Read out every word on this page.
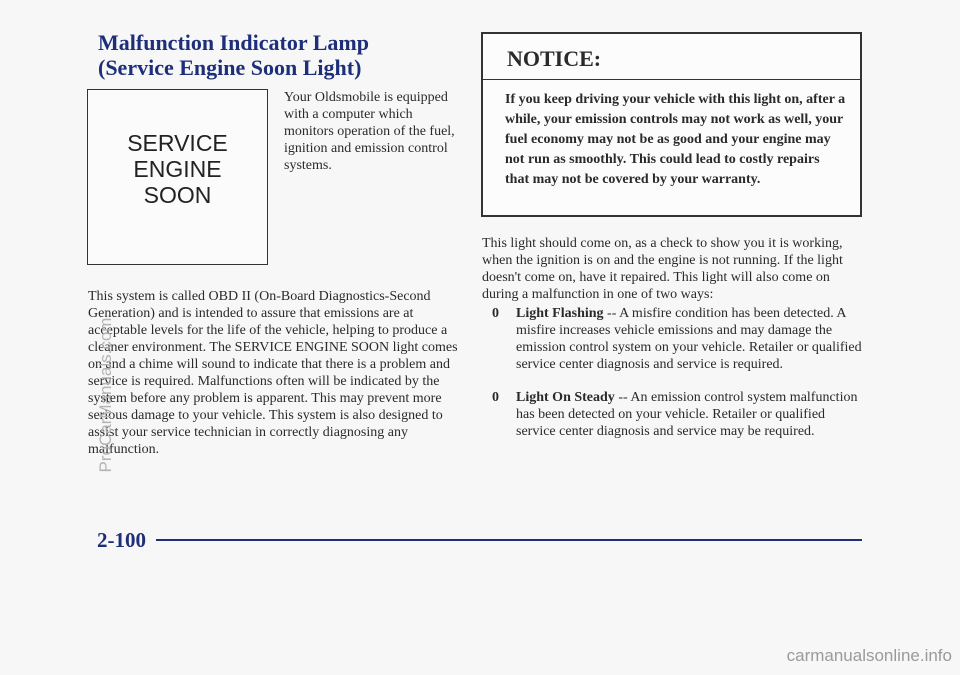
Malfunction Indicator Lamp
(Service Engine Soon Light)
SERVICE
ENGINE
SOON

Your Oldsmobile is equipped with a computer which monitors operation of the fuel, ignition and emission control systems.

This system is called OBD II (On-Board Diagnostics-Second Generation) and is intended to assure that emissions are at acceptable levels for the life of the vehicle, helping to produce a cleaner environment. The SERVICE ENGINE SOON light comes on and a chime will sound to indicate that there is a problem and service is required. Malfunctions often will be indicated by the system before any problem is apparent. This may prevent more serious damage to your vehicle. This system is also designed to assist your service technician in correctly diagnosing any malfunction.

NOTICE:

If you keep driving your vehicle with this light on, after a while, your emission controls may not work as well, your fuel economy may not be as good and your engine may not run as smoothly. This could lead to costly repairs that may not be covered by your warranty.

This light should come on, as a check to show you it is working, when the ignition is on and the engine is not running. If the light doesn't come on, have it repaired. This light will also come on during a malfunction in one of two ways:

0 Light Flashing -- A misfire condition has been detected. A misfire increases vehicle emissions and may damage the emission control system on your vehicle. Retailer or qualified service center diagnosis and service is required.
0 Light On Steady -- An emission control system malfunction has been detected on your vehicle. Retailer or qualified service center diagnosis and service may be required.
2-100
ProCarManuals.com
carmanualsonline.info
